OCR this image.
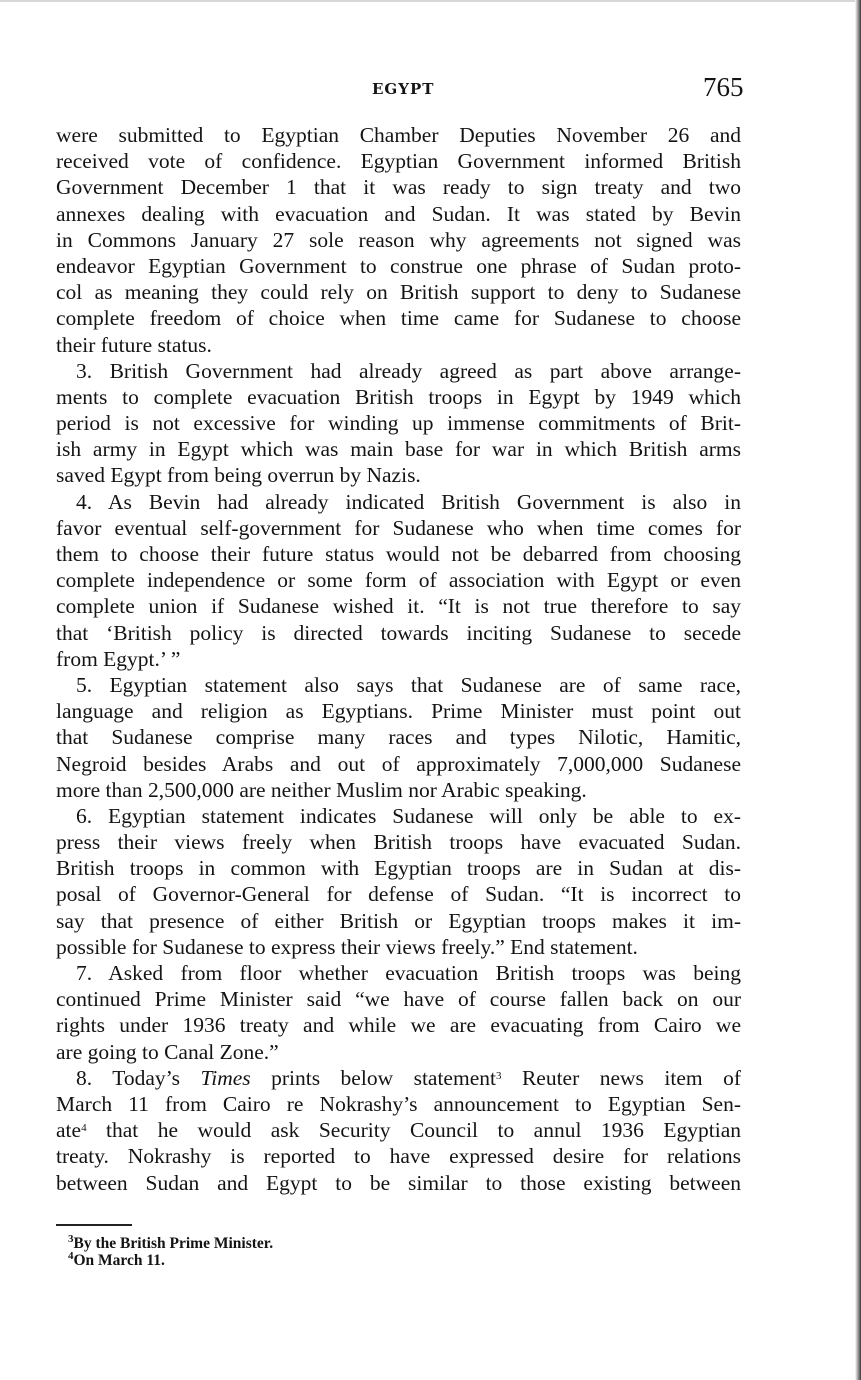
EGYPT	765
were submitted to Egyptian Chamber Deputies November 26 and
received vote of confidence. Egyptian Government informed British
Government December 1 that it was ready to sign treaty and two
annexes dealing with evacuation and Sudan. It was stated by Bevin
in Commons January 27 sole reason why agreements not signed was
endeavor Egyptian Government to construe one phrase of Sudan proto-
col as meaning they could rely on British support to deny to Sudanese
complete freedom of choice when time came for Sudanese to choose
their future status.
3. British Government had already agreed as part above arrange-
ments to complete evacuation British troops in Egypt by 1949 which
period is not excessive for winding up immense commitments of Brit-
ish army in Egypt which was main base for war in which British arms
saved Egypt from being overrun by Nazis.
4. As Bevin had already indicated British Government is also in
favor eventual self-government for Sudanese who when time comes for
them to choose their future status would not be debarred from choosing
complete independence or some form of association with Egypt or even
complete union if Sudanese wished it. “It is not true therefore to say
that ‘British policy is directed towards inciting Sudanese to secede
from Egypt.’ ”
5. Egyptian statement also says that Sudanese are of same race,
language and religion as Egyptians. Prime Minister must point out
that Sudanese comprise many races and types Nilotic, Hamitic,
Negroid besides Arabs and out of approximately 7,000,000 Sudanese
more than 2,500,000 are neither Muslim nor Arabic speaking.
6. Egyptian statement indicates Sudanese will only be able to ex-
press their views freely when British troops have evacuated Sudan.
British troops in common with Egyptian troops are in Sudan at dis-
posal of Governor-General for defense of Sudan. “It is incorrect to
say that presence of either British or Egyptian troops makes it im-
possible for Sudanese to express their views freely.” End statement.
7. Asked from floor whether evacuation British troops was being
continued Prime Minister said “we have of course fallen back on our
rights under 1936 treaty and while we are evacuating from Cairo we
are going to Canal Zone.”
8. Today’s Times prints below statement$^3$ Reuter news item of
March 11 from Cairo re Nokrashy’s announcement to Egyptian Sen-
ate$^4$ that he would ask Security Council to annul 1936 Egyptian
treaty. Nokrashy is reported to have expressed desire for relations
between Sudan and Egypt to be similar to those existing between
$^3$By the British Prime Minister.
$^4$On March 11.
